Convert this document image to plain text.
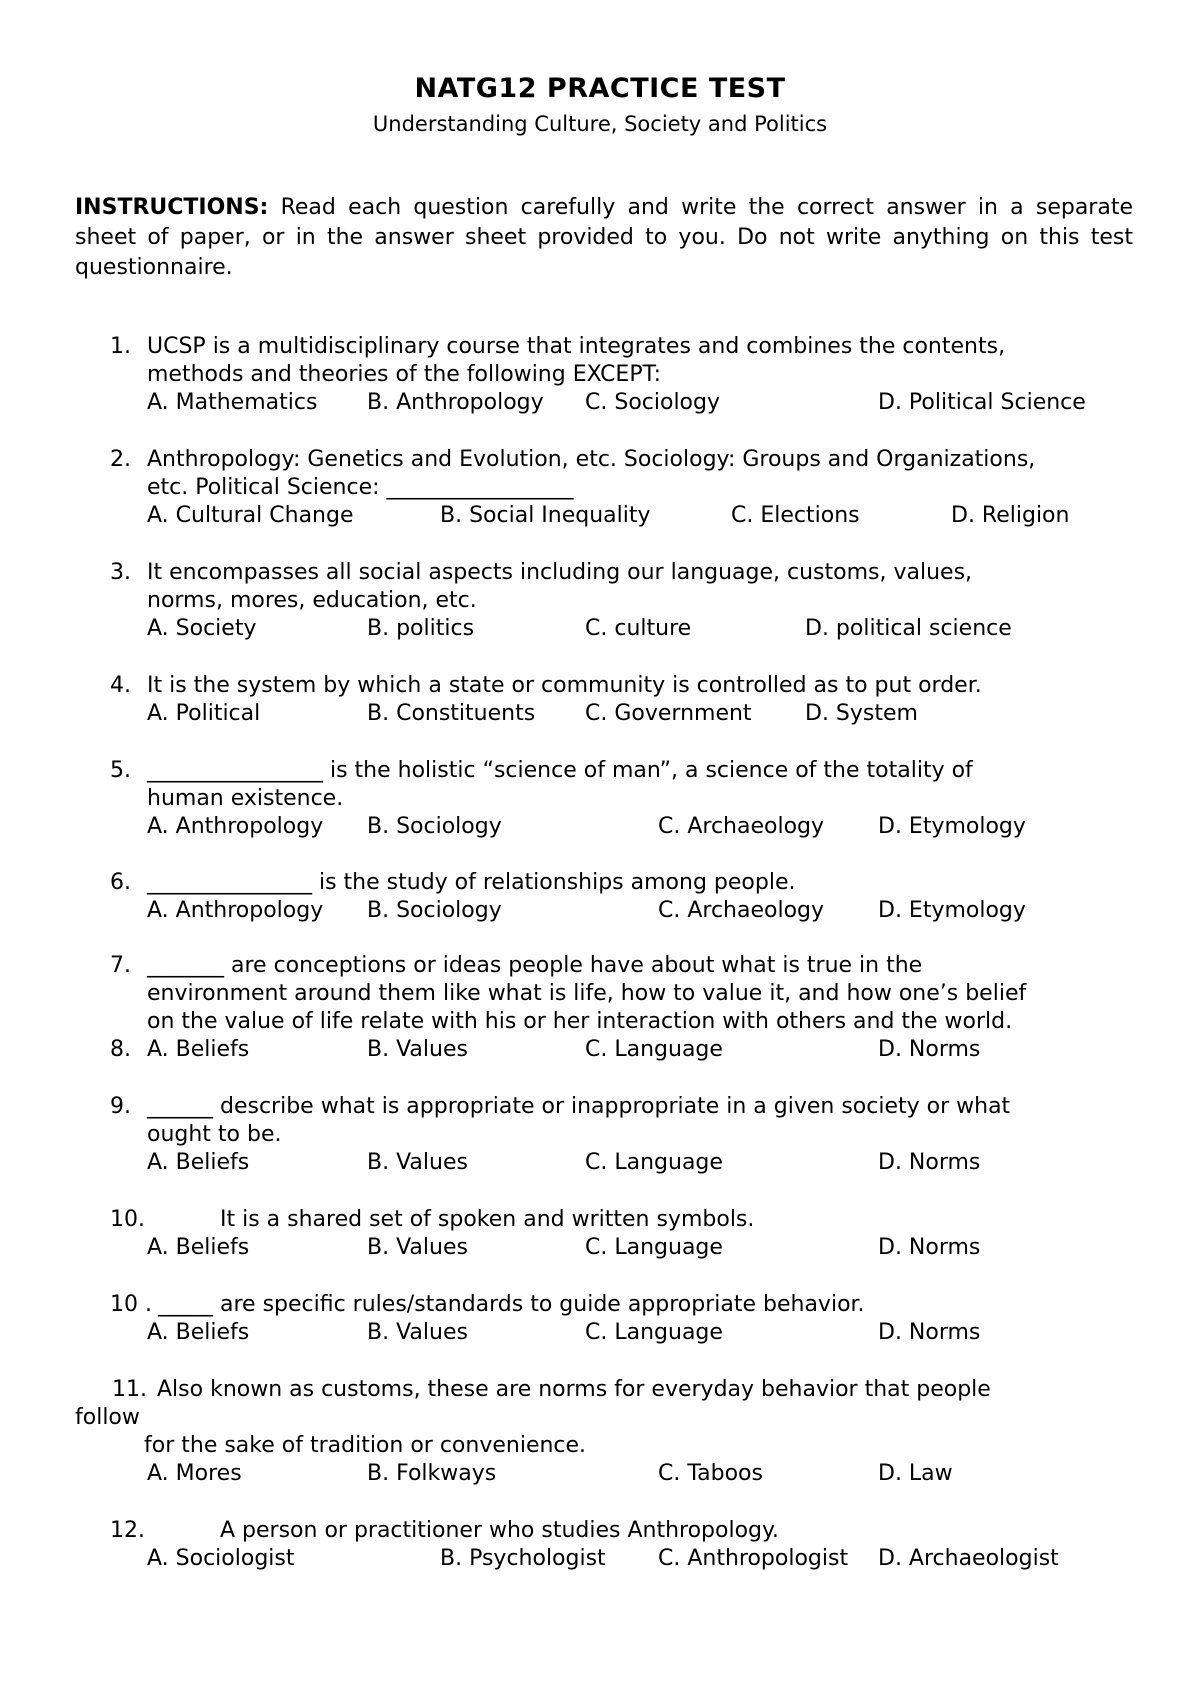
NATG12 PRACTICE TEST
Understanding Culture, Society and Politics
INSTRUCTIONS: Read each question carefully and write the correct answer in a separate sheet of paper, or in the answer sheet provided to you. Do not write anything on this test questionnaire.
1. UCSP is a multidisciplinary course that integrates and combines the contents,
methods and theories of the following EXCEPT:
A. Mathematics B. Anthropology C. Sociology	D. Political Science
2. Anthropology: Genetics and Evolution, etc. Sociology: Groups and Organizations,
etc. Political Science: _________________
A. Cultural Change	B. Social Inequality	C. Elections	D. Religion
3. It encompasses all social aspects including our language, customs, values,
norms, mores, education, etc.
A. Society	B. politics	C. culture	D. political science
4. It is the system by which a state or community is controlled as to put order.
A. Political	B. Constituents C. Government D. System
5. ________________ is the holistic “science of man”, a science of the totality of
human existence.
A. Anthropology B. Sociology	C. Archaeology D. Etymology
6. _______________ is the study of relationships among people.
A. Anthropology B. Sociology	C. Archaeology D. Etymology
7. _______ are conceptions or ideas people have about what is true in the
environment around them like what is life, how to value it, and how one’s belief
on the value of life relate with his or her interaction with others and the world.
8. A. Beliefs	B. Values	C. Language	D. Norms
9. ______ describe what is appropriate or inappropriate in a given society or what
ought to be.
A. Beliefs	B. Values	C. Language	D. Norms
10.	It is a shared set of spoken and written symbols.
A. Beliefs	B. Values	C. Language	D. Norms
10 . _____ are specific rules/standards to guide appropriate behavior.
A. Beliefs	B. Values	C. Language	D. Norms
11. Also known as customs, these are norms for everyday behavior that people
follow
for the sake of tradition or convenience.
A. Mores	B. Folkways	C. Taboos	D. Law
12.	A person or practitioner who studies Anthropology.
A. Sociologist	B. Psychologist C. Anthropologist D. Archaeologist
